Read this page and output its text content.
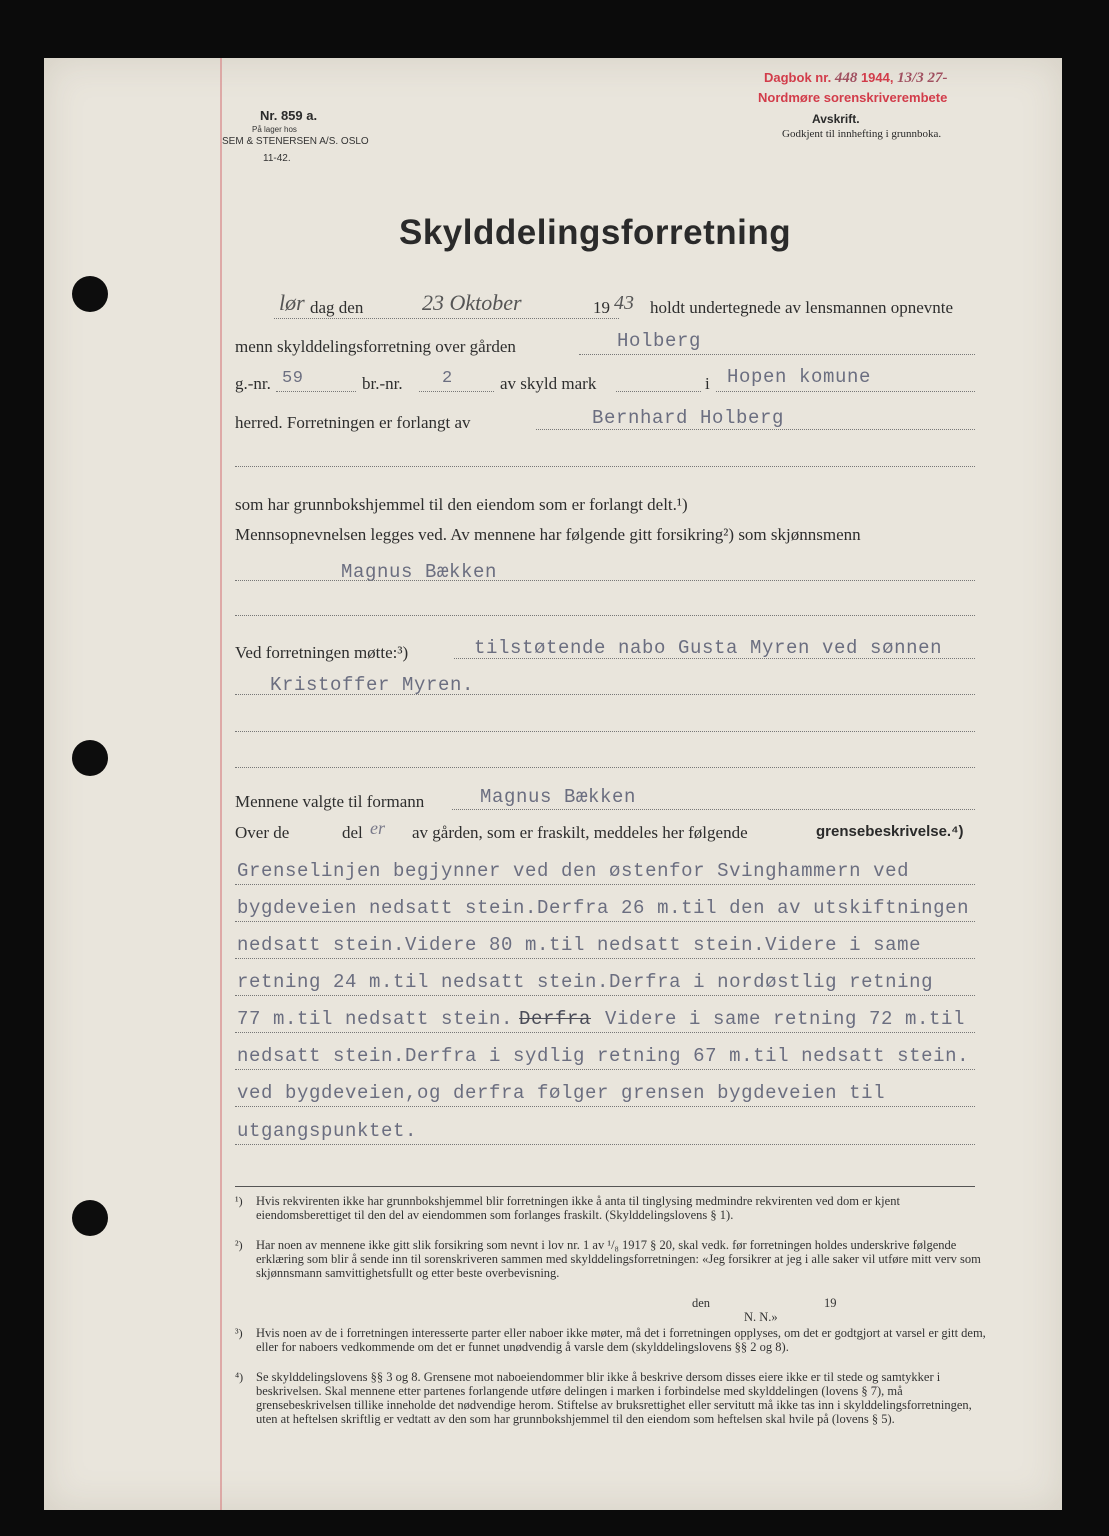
Nr. 859 a.
På lager hos
SEM & STENERSEN A/S. OSLO
11-42.
Dagbok nr. 448 1944, 13/3 27-
Nordmøre sorenskriverembete
Avskrift.
Godkjent til innhefting i grunnboka.
Skylddelingsforretning
lør dag den	23 Oktober	19 43 holdt undertegnede av lensmannen opnevnte
menn skylddelingsforretning over gården	Holberg
g.-nr. 59	br.-nr. 2	av skyld mark	i Hopen komune
herred. Forretningen er forlangt av	Bernhard Holberg
som har grunnbokshjemmel til den eiendom som er forlangt delt.¹)
Mennsopnevnelsen legges ved. Av mennene har følgende gitt forsikring²) som skjønnsmenn
Magnus Bækken
Ved forretningen møtte:³)	tilstøtende nabo Gusta Myren ved sønnen
Kristoffer Myren.
Mennene valgte til formann	Magnus Bækken
Over de	del er av gården, som er fraskilt, meddeles her følgende	grensebeskrivelse.⁴)
Grenselinjen begjynner ved den østenfor Svinghammern ved
bygdeveien nedsatt stein.Derfra 26 m.til den av utskiftningen
nedsatt stein.Videre 80 m.til nedsatt stein.Videre i same
retning 24 m.til nedsatt stein.Derfra i nordøstlig retning
77 m.til nedsatt stein. Derfra Videre i same retning 72 m.til
nedsatt stein.Derfra i sydlig retning 67 m.til nedsatt stein.
ved bygdeveien,og derfra følger grensen bygdeveien til
utgangspunktet.
¹) Hvis rekvirenten ikke har grunnbokshjemmel blir forretningen ikke å anta til tinglysing medmindre rekvirenten ved dom er kjent eiendomsberettiget til den del av eiendommen som forlanges fraskilt. (Skylddelingslovens § 1).
²) Har noen av mennene ikke gitt slik forsikring som nevnt i lov nr. 1 av ¹/₈ 1917 § 20, skal vedk. før forretningen holdes underskrive følgende erklæring som blir å sende inn til sorenskriveren sammen med skylddelingsforretningen: «Jeg forsikrer at jeg i alle saker vil utføre mitt verv som skjønnsmann samvittighetsfullt og etter beste overbevisning.
den	19
N. N.»
³) Hvis noen av de i forretningen interesserte parter eller naboer ikke møter, må det i forretningen opplyses, om det er godtgjort at varsel er gitt dem, eller for naboers vedkommende om det er funnet unødvendig å varsle dem (skylddelingslovens §§ 2 og 8).
⁴) Se skylddelingslovens §§ 3 og 8. Grensene mot naboeiendommer blir ikke å beskrive dersom disses eiere ikke er til stede og samtykker i beskrivelsen. Skal mennene etter partenes forlangende utføre delingen i marken i forbindelse med skylddelingen (lovens § 7), må grensebeskrivelsen tillike inneholde det nødvendige herom. Stiftelse av bruksrettighet eller servitutt må ikke tas inn i skylddelingsforretningen, uten at heftelsen skriftlig er vedtatt av den som har grunnbokshjemmel til den eiendom som heftelsen skal hvile på (lovens § 5).
